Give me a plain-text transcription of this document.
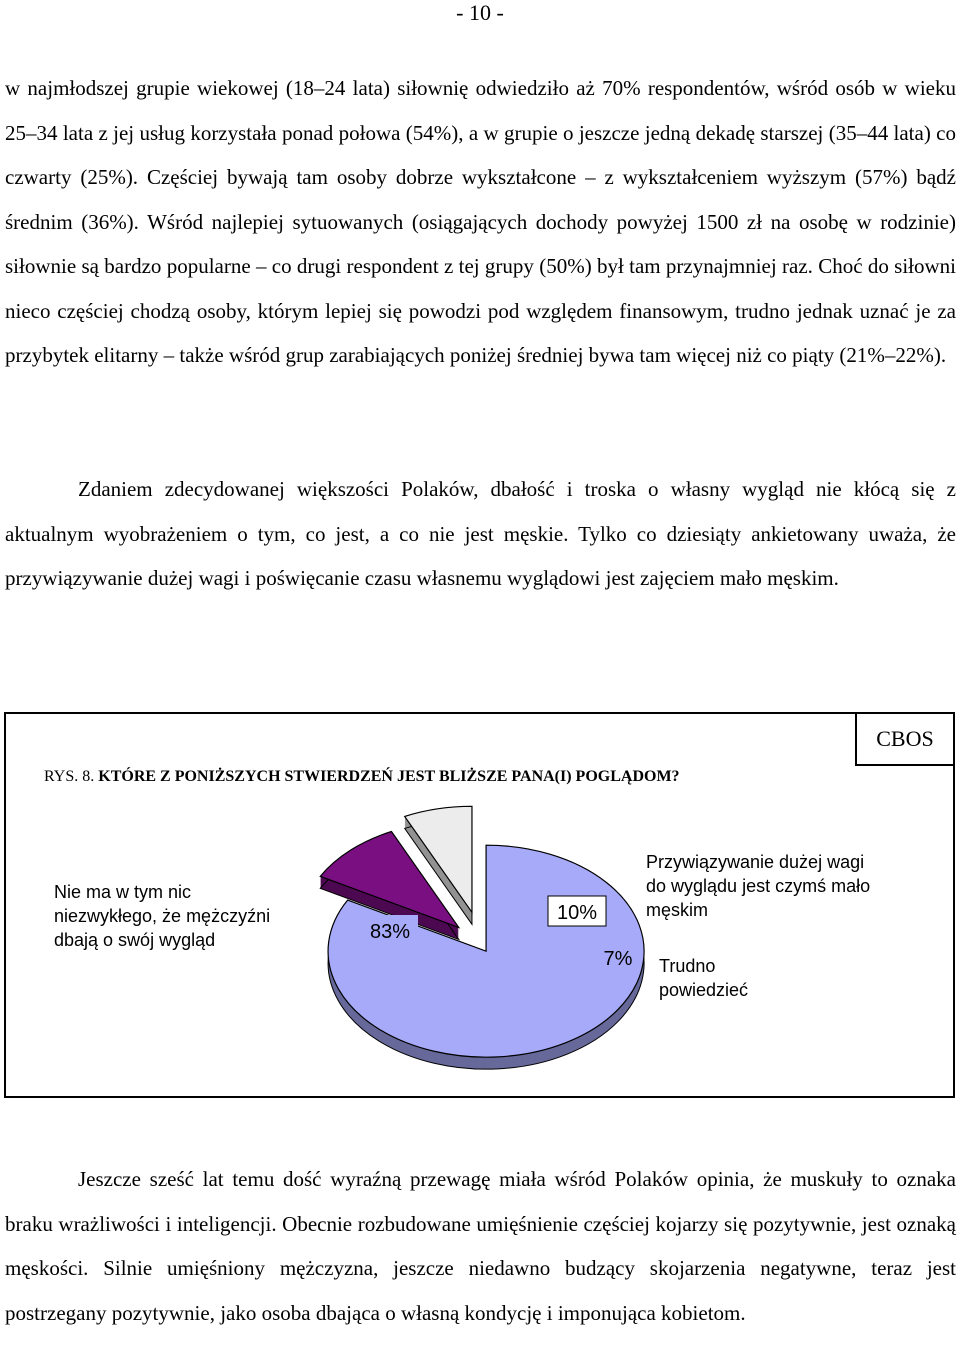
- 10 -

w najmłodszej grupie wiekowej (18–24 lata) siłownię odwiedziło aż 70% respondentów, wśród osób w wieku 25–34 lata z jej usług korzystała ponad połowa (54%), a w grupie o jeszcze jedną dekadę starszej (35–44 lata) co czwarty (25%). Częściej bywają tam osoby dobrze wykształcone – z wykształceniem wyższym (57%) bądź średnim (36%). Wśród najlepiej sytuowanych (osiągających dochody powyżej 1500 zł na osobę w rodzinie) siłownie są bardzo popularne – co drugi respondent z tej grupy (50%) był tam przynajmniej raz. Choć do siłowni nieco częściej chodzą osoby, którym lepiej się powodzi pod względem finansowym, trudno jednak uznać je za przybytek elitarny – także wśród grup zarabiających poniżej średniej bywa tam więcej niż co piąty (21%–22%).

Zdaniem zdecydowanej większości Polaków, dbałość i troska o własny wygląd nie kłócą się z aktualnym wyobrażeniem o tym, co jest, a co nie jest męskie. Tylko co dziesiąty ankietowany uważa, że przywiązywanie dużej wagi i poświęcanie czasu własnemu wyglądowi jest zajęciem mało męskim.

CBOS
RYS. 8. KTÓRE Z PONIŻSZYCH STWIERDZEŃ JEST BLIŻSZE PANA(I) POGLĄDOM?
Nie ma w tym nic niezwykłego, że mężczyźni dbają o swój wygląd
Przywiązywanie dużej wagi do wyglądu jest czymś mało męskim
Trudno powiedzieć
83%
10%
7%

Jeszcze sześć lat temu dość wyraźną przewagę miała wśród Polaków opinia, że muskuły to oznaka braku wrażliwości i inteligencji. Obecnie rozbudowane umięśnienie częściej kojarzy się pozytywnie, jest oznaką męskości. Silnie umięśniony mężczyzna, jeszcze niedawno budzący skojarzenia negatywne, teraz jest postrzegany pozytywnie, jako osoba dbająca o własną kondycję i imponująca kobietom.
